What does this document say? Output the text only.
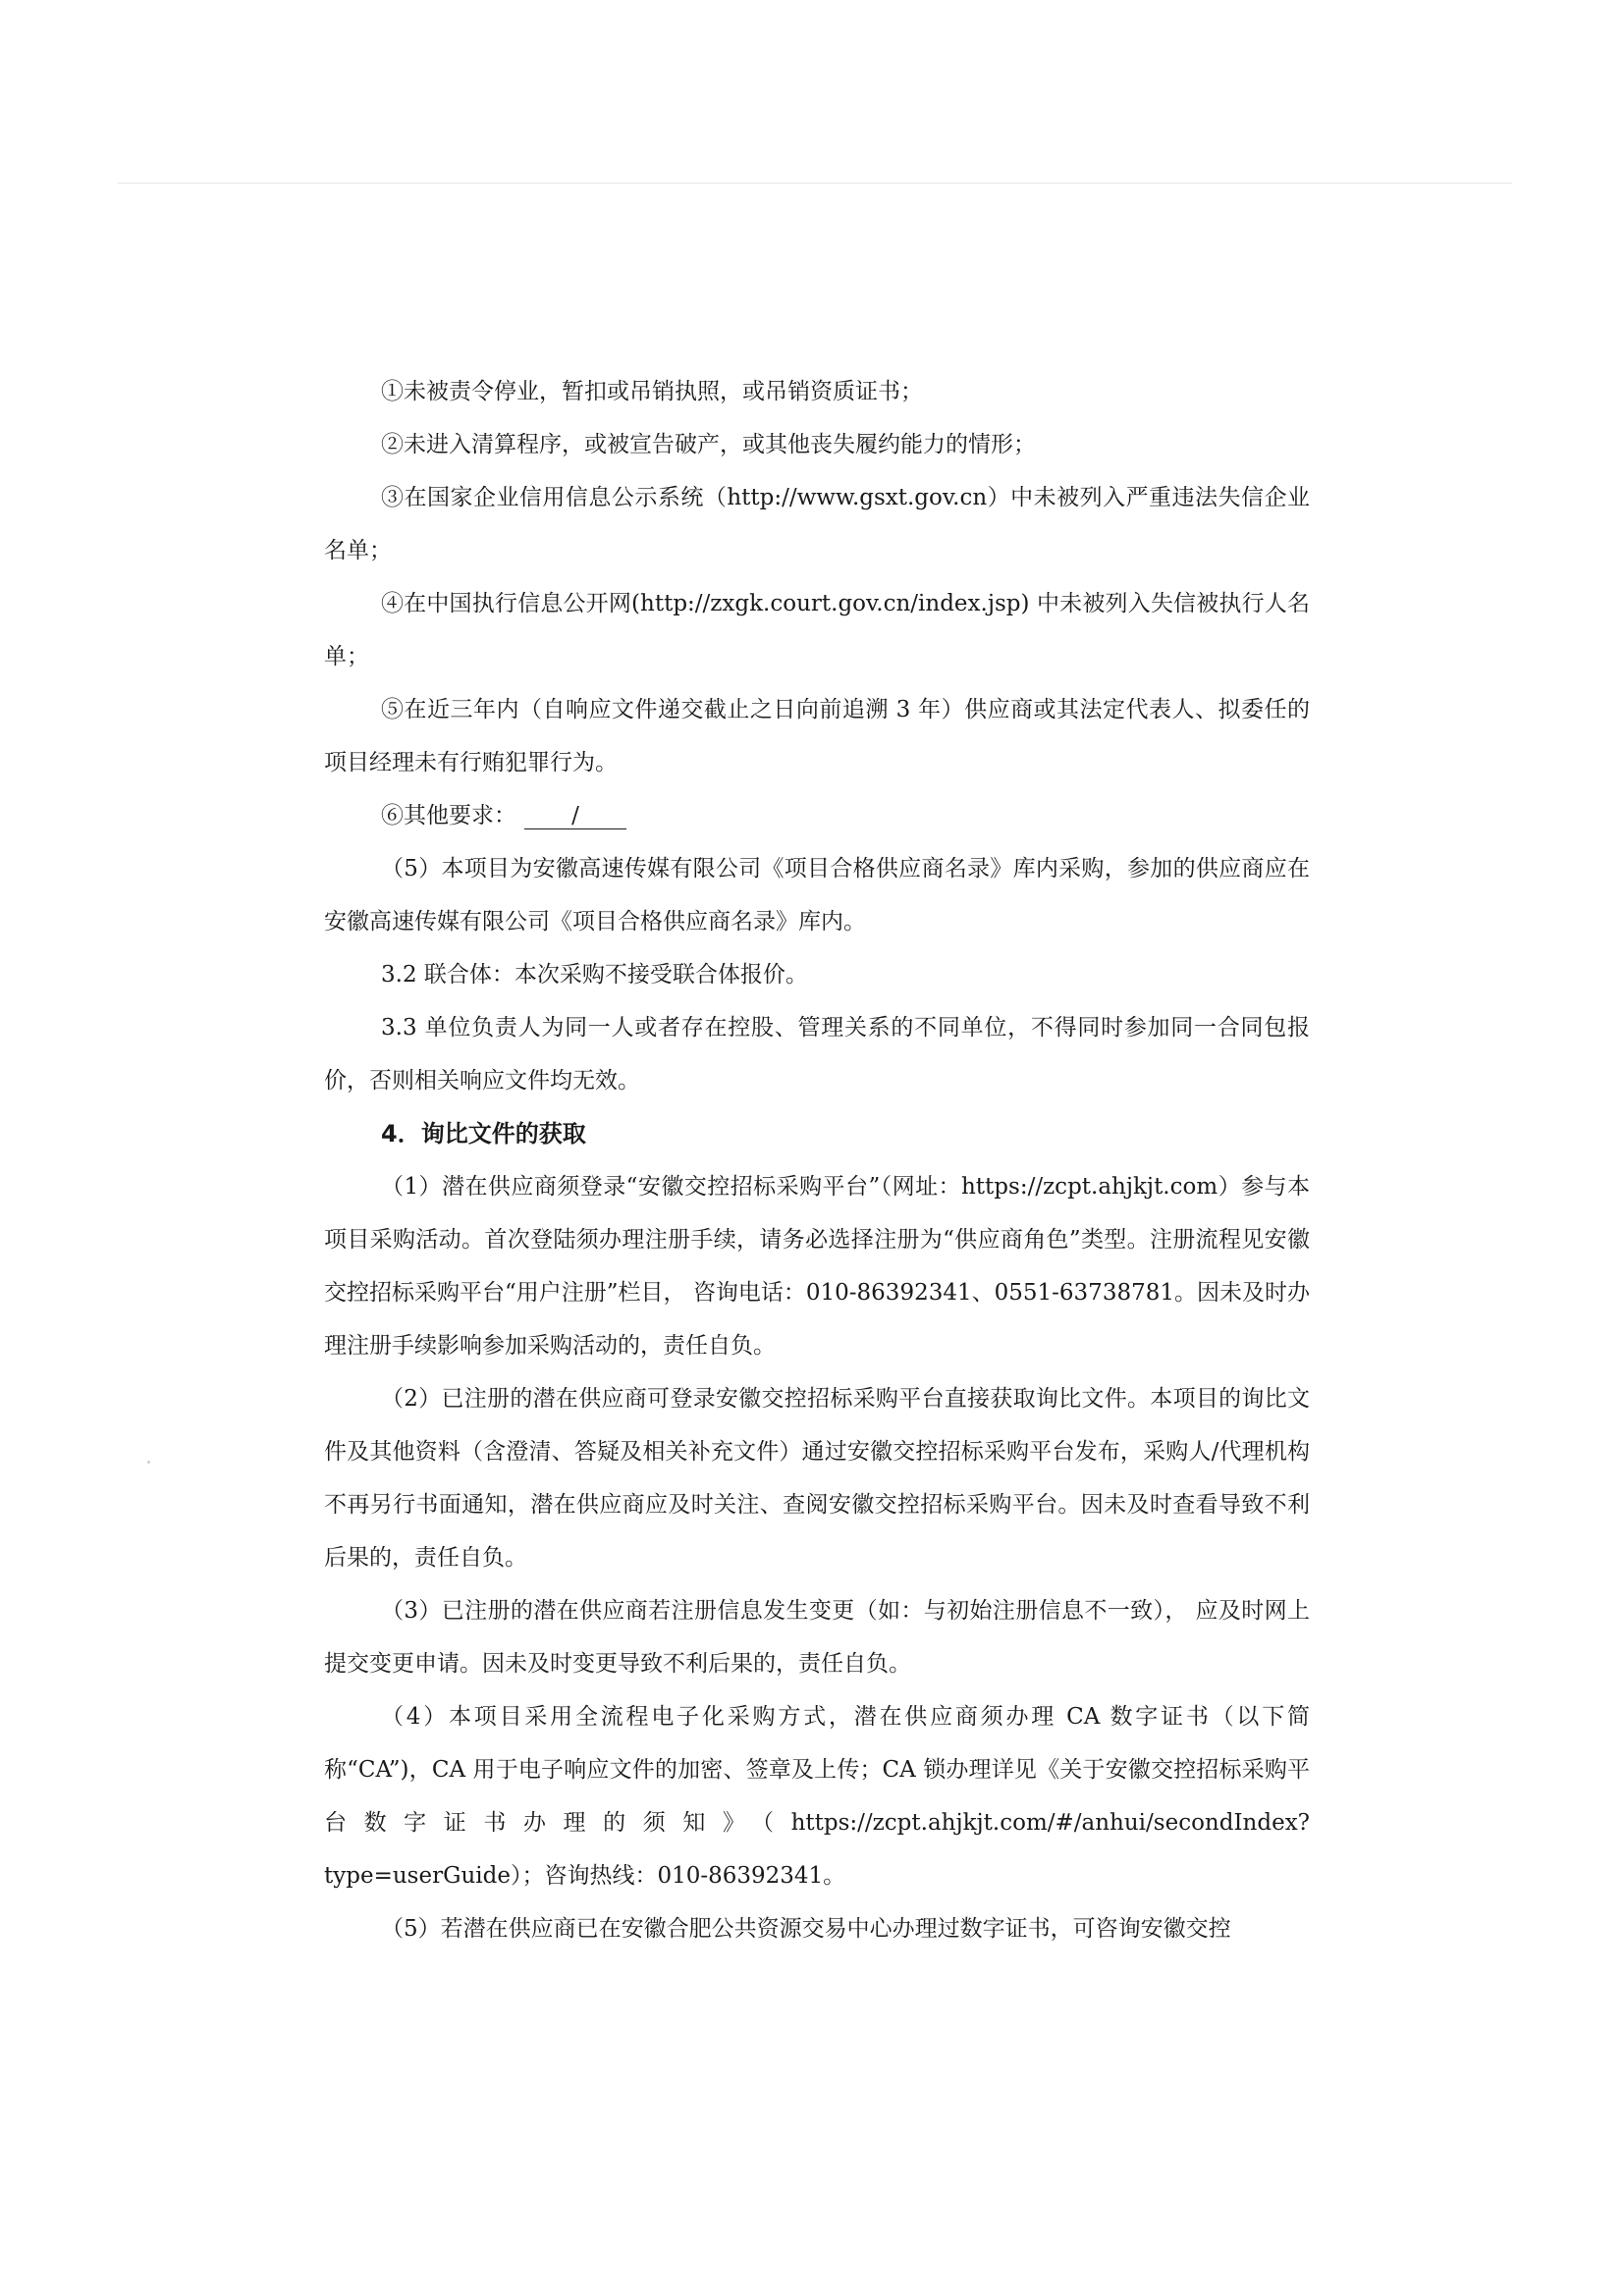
①未被责令停业，暂扣或吊销执照，或吊销资质证书；

②未进入清算程序，或被宣告破产，或其他丧失履约能力的情形；

③在国家企业信用信息公示系统（http://www.gsxt.gov.cn）中未被列入严重违法失信企业名单；

④在中国执行信息公开网(http://zxgk.court.gov.cn/index.jsp) 中未被列入失信被执行人名单；

⑤在近三年内（自响应文件递交截止之日向前追溯 3 年）供应商或其法定代表人、拟委任的项目经理未有行贿犯罪行为。

⑥其他要求： /

（5）本项目为安徽高速传媒有限公司《项目合格供应商名录》库内采购，参加的供应商应在安徽高速传媒有限公司《项目合格供应商名录》库内。

3.2 联合体：本次采购不接受联合体报价。

3.3 单位负责人为同一人或者存在控股、管理关系的不同单位，不得同时参加同一合同包报价，否则相关响应文件均无效。

4．询比文件的获取

（1）潜在供应商须登录“安徽交控招标采购平台”（网址：https://zcpt.ahjkjt.com）参与本项目采购活动。首次登陆须办理注册手续，请务必选择注册为“供应商角色”类型。注册流程见安徽交控招标采购平台“用户注册”栏目， 咨询电话：010-86392341、0551-63738781。因未及时办理注册手续影响参加采购活动的，责任自负。

（2）已注册的潜在供应商可登录安徽交控招标采购平台直接获取询比文件。本项目的询比文件及其他资料（含澄清、答疑及相关补充文件）通过安徽交控招标采购平台发布，采购人/代理机构不再另行书面通知，潜在供应商应及时关注、查阅安徽交控招标采购平台。因未及时查看导致不利后果的，责任自负。

（3）已注册的潜在供应商若注册信息发生变更（如：与初始注册信息不一致）， 应及时网上提交变更申请。因未及时变更导致不利后果的，责任自负。

（4）本项目采用全流程电子化采购方式，潜在供应商须办理 CA 数字证书（以下简称“CA”)，CA 用于电子响应文件的加密、签章及上传；CA 锁办理详见《关于安徽交控招标采购平台数字证书办理的须知》（https://zcpt.ahjkjt.com/#/anhui/secondIndex?type=userGuide）；咨询热线：010-86392341。

（5）若潜在供应商已在安徽合肥公共资源交易中心办理过数字证书，可咨询安徽交控
